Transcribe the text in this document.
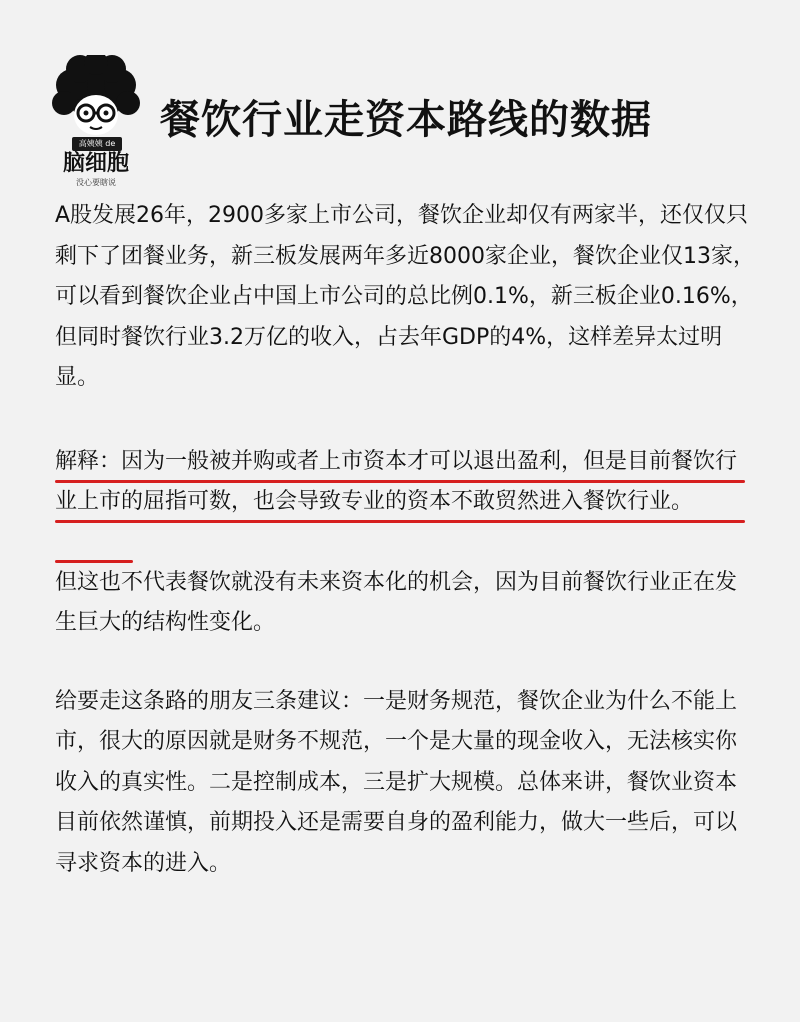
高姨姨 de
脑细胞
没心要瞎说
餐饮行业走资本路线的数据

A股发展26年，2900多家上市公司，餐饮企业却仅有两家半，还仅仅只剩下了团餐业务，新三板发展两年多近8000家企业，餐饮企业仅13家，可以看到餐饮企业占中国上市公司的总比例0.1%，新三板企业0.16%，但同时餐饮行业3.2万亿的收入，占去年GDP的4%，这样差异太过明显。

解释：因为一般被并购或者上市资本才可以退出盈利，但是目前餐饮行业上市的屈指可数，也会导致专业的资本不敢贸然进入餐饮行业。

但这也不代表餐饮就没有未来资本化的机会，因为目前餐饮行业正在发生巨大的结构性变化。

给要走这条路的朋友三条建议：一是财务规范，餐饮企业为什么不能上市，很大的原因就是财务不规范，一个是大量的现金收入，无法核实你收入的真实性。二是控制成本，三是扩大规模。总体来讲，餐饮业资本目前依然谨慎，前期投入还是需要自身的盈利能力，做大一些后，可以寻求资本的进入。
